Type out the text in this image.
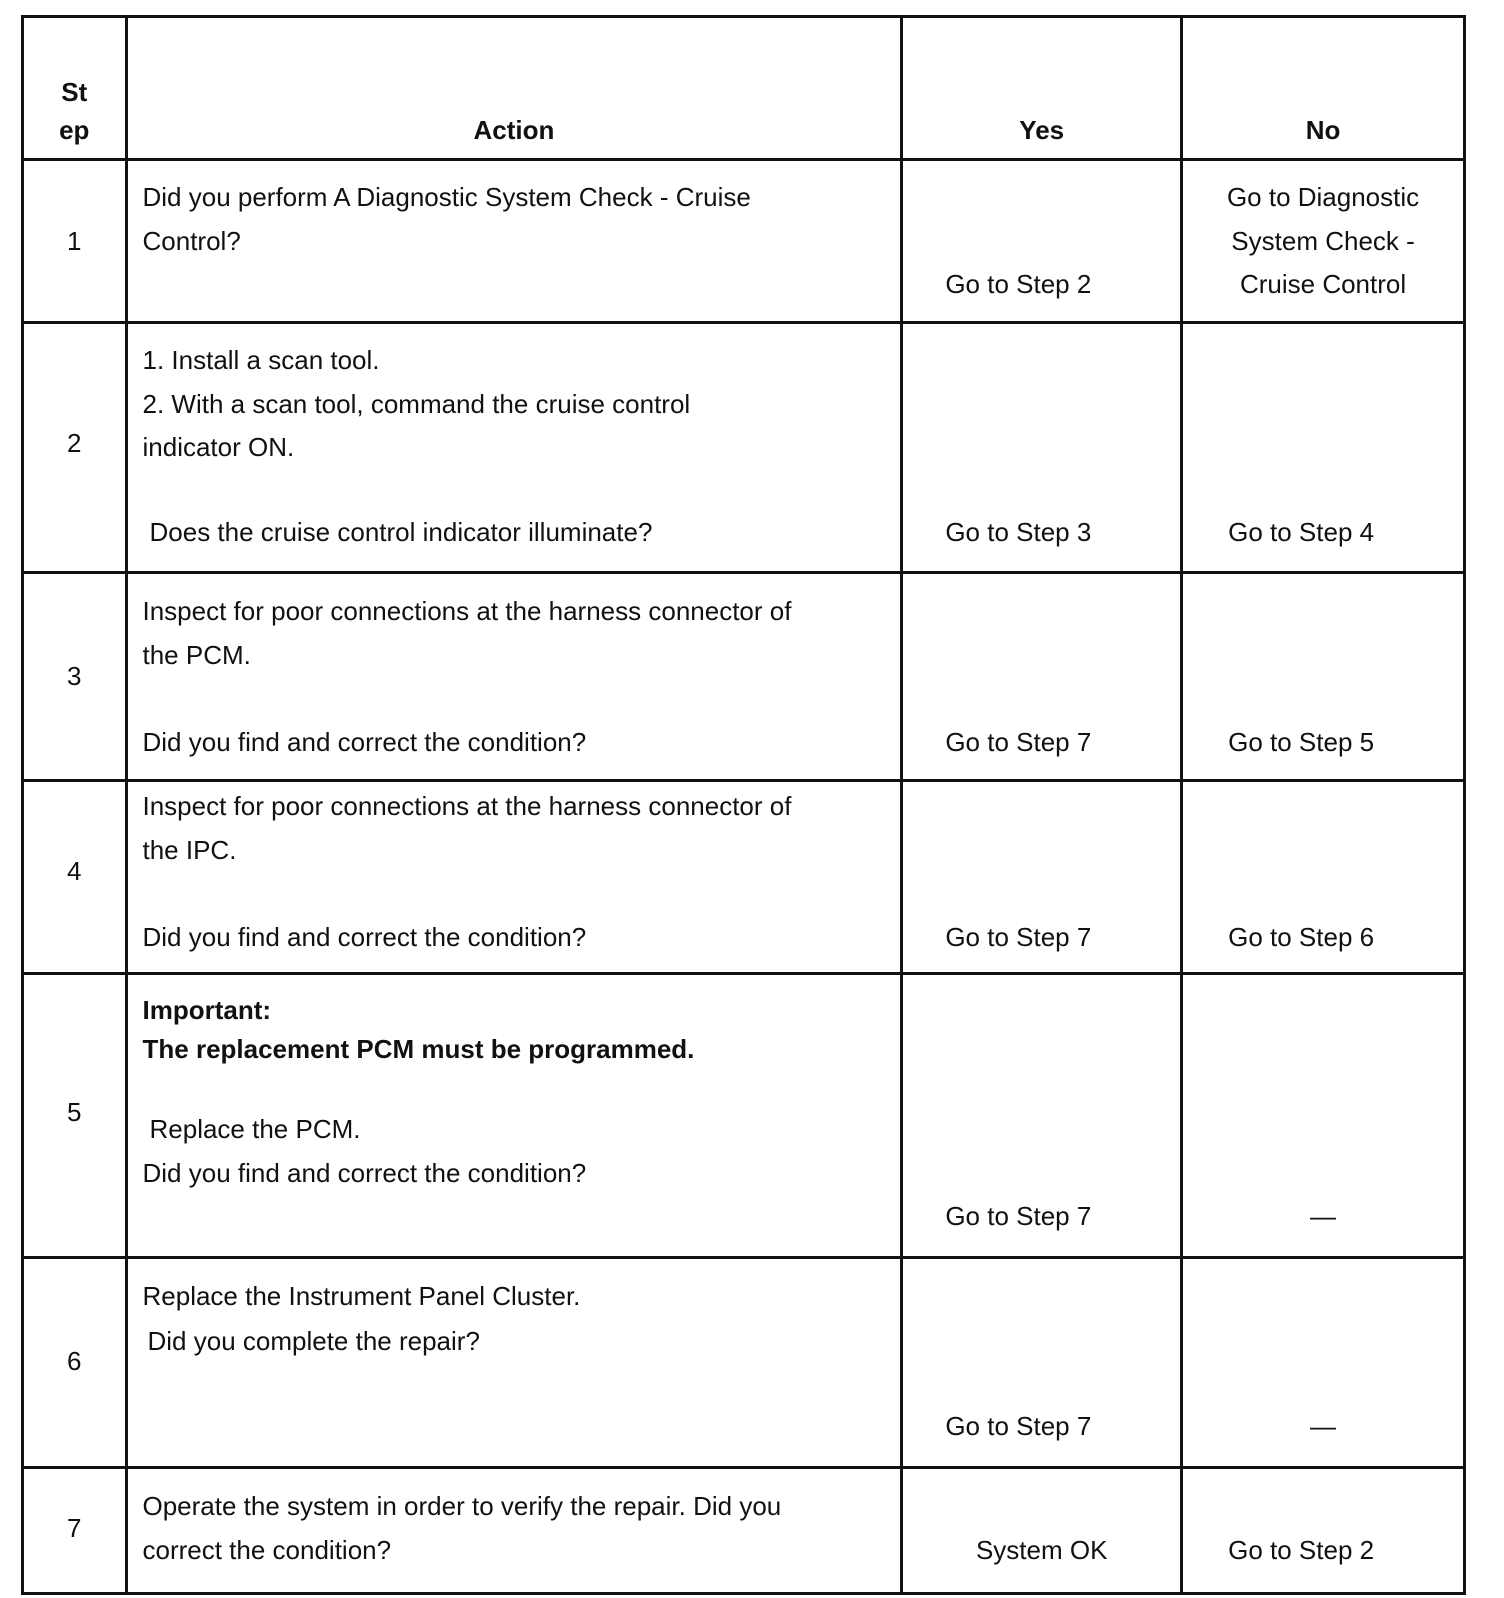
St
ep	Action	Yes	No

1	Did you perform A Diagnostic System Check - Cruise
Control?	Go to Step 2	Go to Diagnostic
System Check -
Cruise Control

2	1. Install a scan tool.
2. With a scan tool, command the cruise control
indicator ON.
Does the cruise control indicator illuminate?	Go to Step 3	Go to Step 4

3	Inspect for poor connections at the harness connector of
the PCM.
Did you find and correct the condition?	Go to Step 7	Go to Step 5

4	Inspect for poor connections at the harness connector of
the IPC.
Did you find and correct the condition?	Go to Step 7	Go to Step 6

5	Important:
The replacement PCM must be programmed.
Replace the PCM.
Did you find and correct the condition?	Go to Step 7	—

6	Replace the Instrument Panel Cluster.
Did you complete the repair?	Go to Step 7	—

7	Operate the system in order to verify the repair. Did you
correct the condition?	System OK	Go to Step 2
